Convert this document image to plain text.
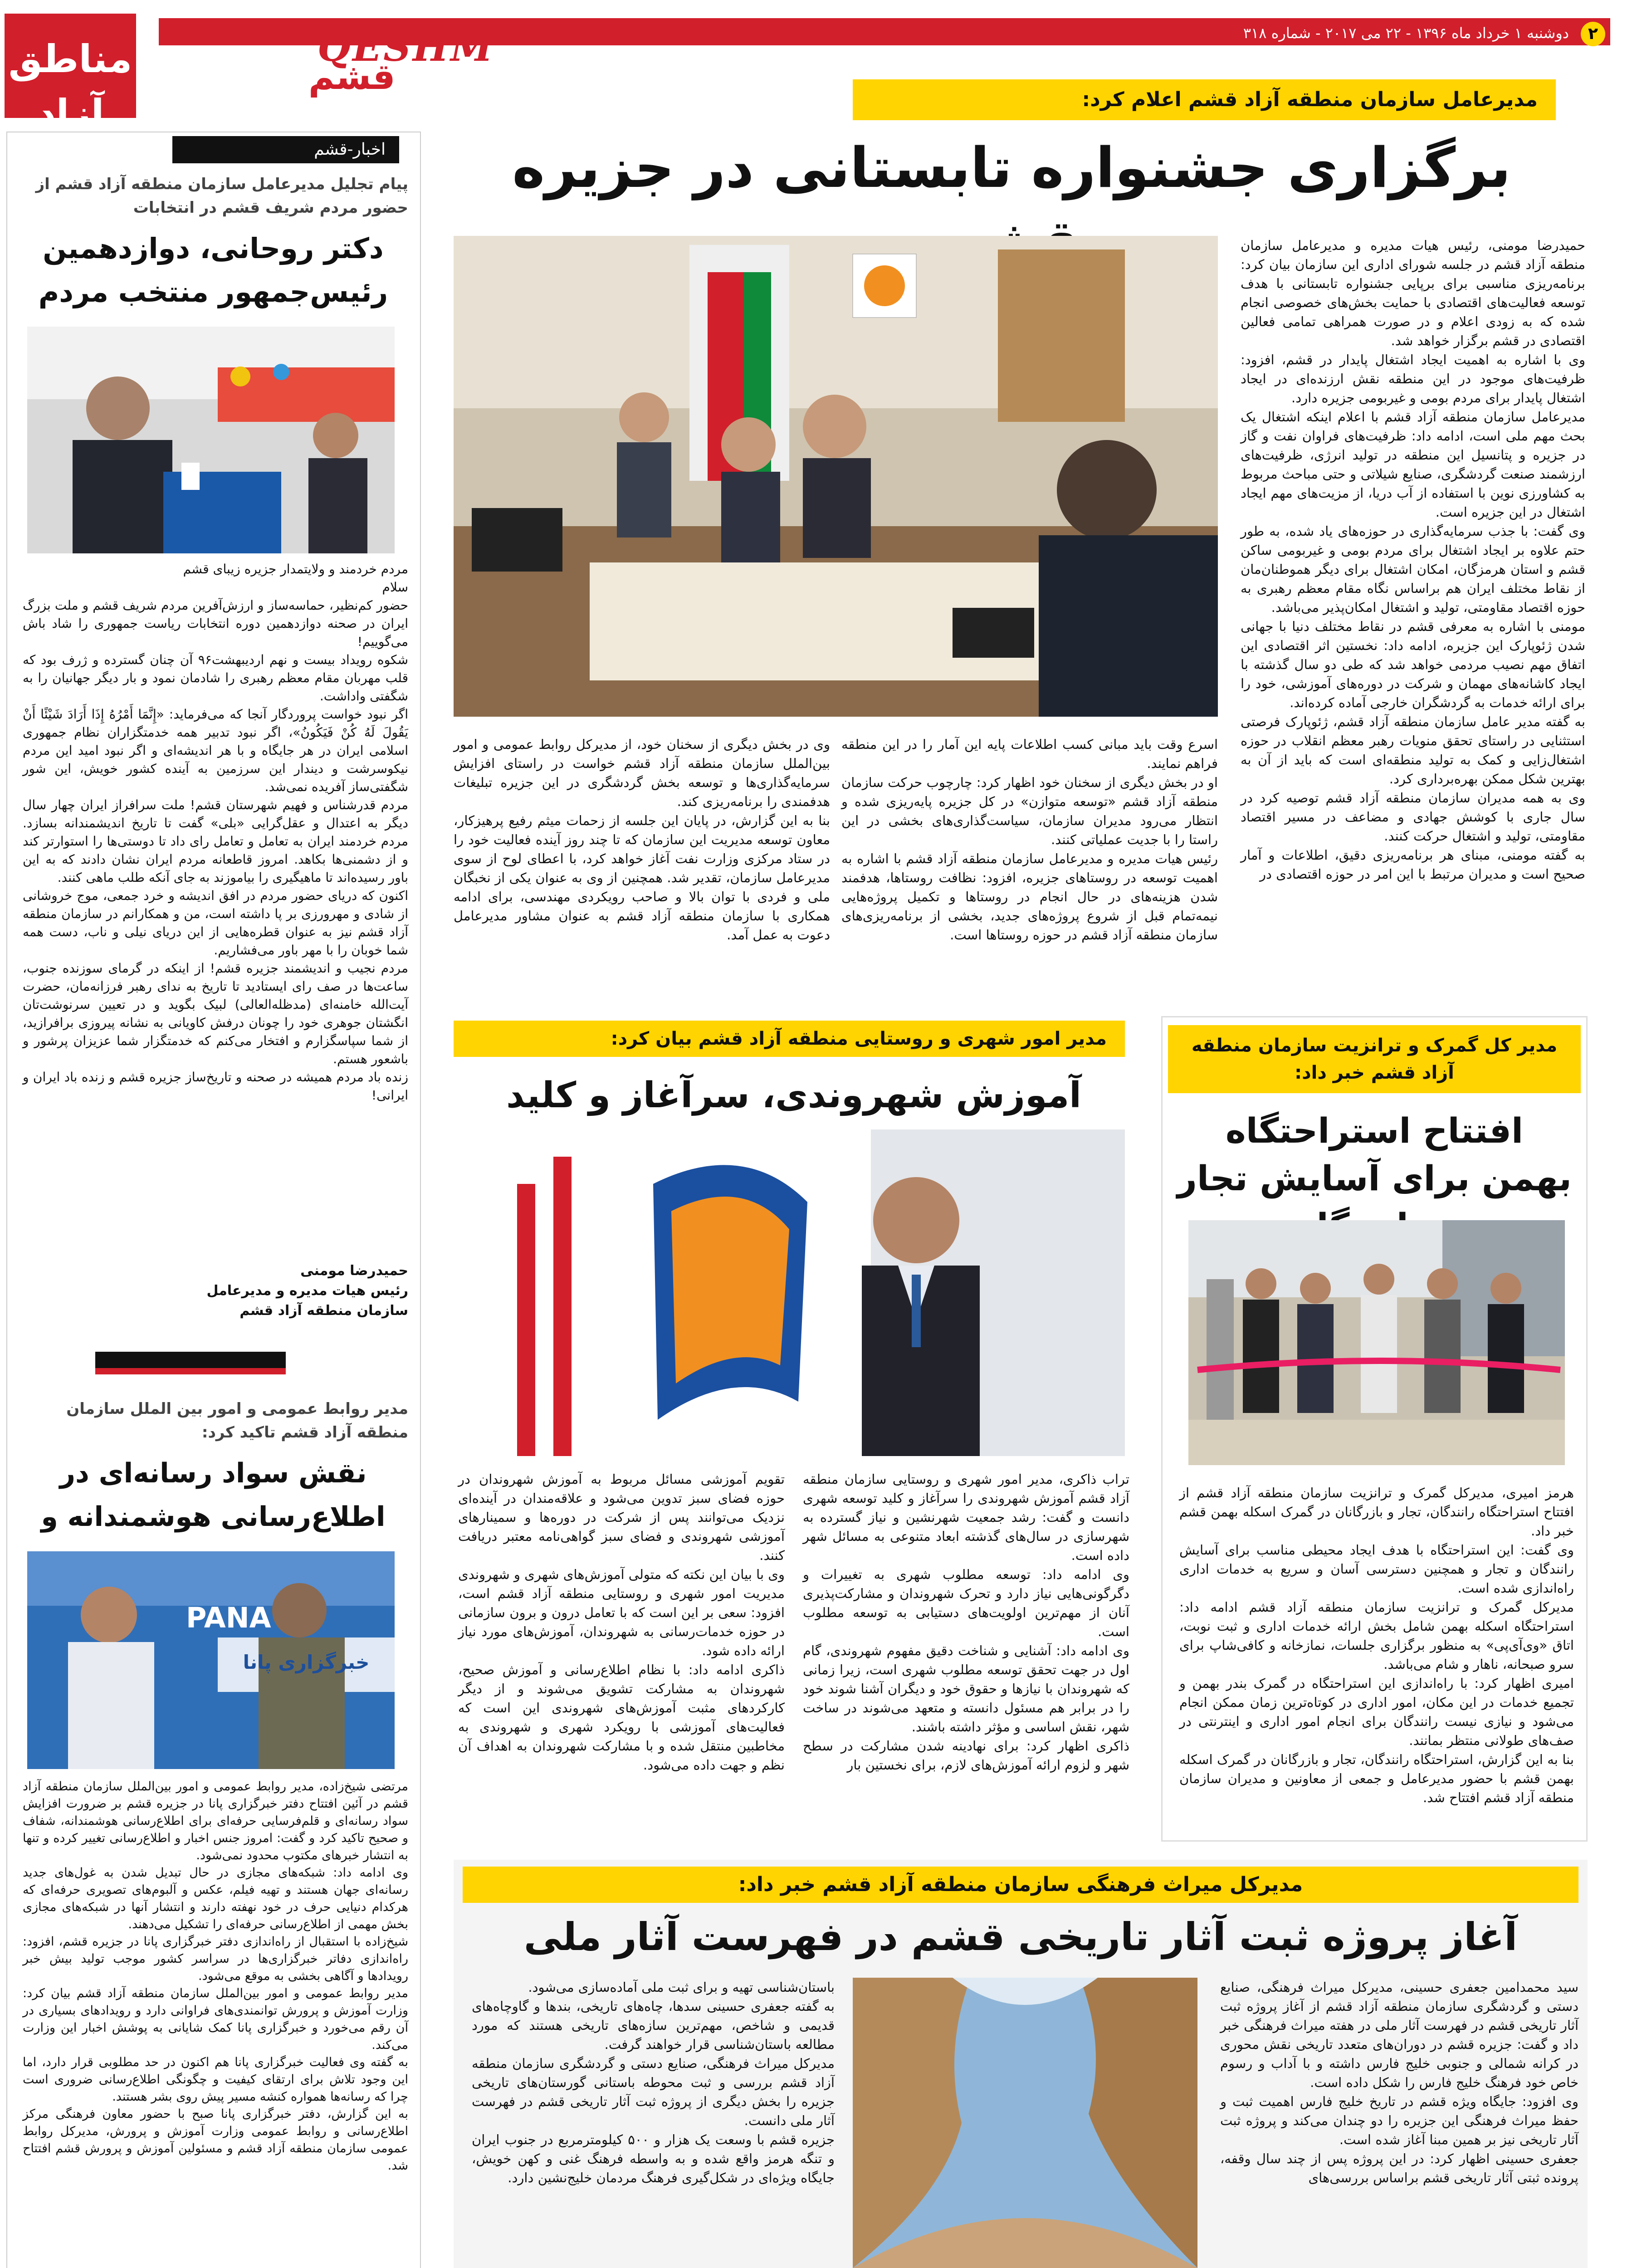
مناطق آزاد
۲
دوشنبه ۱ خرداد ماه ۱۳۹۶ - ۲۲ می ۲۰۱۷ - شماره ۳۱۸
QESHM
قشم
مدیرعامل سازمان منطقه آزاد قشم اعلام کرد:
برگزاری جشنواره تابستانی در جزیره
حمیدرضا مومنی، رئیس هیات مدیره و مدیرعامل سازمان منطقه آزاد قشم در جلسه شورای اداری این سازمان بیان کرد: برنامه‌ریزی مناسبی برای برپایی جشنواره تابستانی با هدف توسعه فعالیت‌های اقتصادی با حمایت بخش‌های خصوصی انجام شده که به زودی اعلام و در صورت همراهی تمامی فعالین اقتصادی در قشم برگزار خواهد شد.
وی با اشاره به اهمیت ایجاد اشتغال پایدار در قشم، افزود: ظرفیت‌های موجود در این منطقه نقش ارزنده‌ای در ایجاد اشتغال پایدار برای مردم بومی و غیربومی جزیره دارد.
مدیرعامل سازمان منطقه آزاد قشم با اعلام اینکه اشتغال یک بحث مهم ملی است، ادامه داد: ظرفیت‌های فراوان نفت و گاز در جزیره و پتانسیل این منطقه در تولید انرژی، ظرفیت‌های ارزشمند صنعت گردشگری، صنایع شیلاتی و حتی مباحث مربوط به کشاورزی نوین با استفاده از آب دریا، از مزیت‌های مهم ایجاد اشتغال در این جزیره است.
وی گفت: با جذب سرمایه‌گذاری در حوزه‌های یاد شده، به طور حتم علاوه بر ایجاد اشتغال برای مردم بومی و غیربومی ساکن قشم و استان هرمزگان، امکان اشتغال برای دیگر هموطنان‌مان از نقاط مختلف ایران هم براساس نگاه مقام معظم رهبری به حوزه اقتصاد مقاومتی، تولید و اشتغال امکان‌پذیر می‌باشد.
مومنی با اشاره به معرفی قشم در نقاط مختلف دنیا با جهانی شدن ژئوپارک این جزیره، ادامه داد: نخستین اثر اقتصادی این اتفاق مهم نصیب مردمی خواهد شد که طی دو سال گذشته با ایجاد کاشانه‌های مهمان و شرکت در دوره‌های آموزشی، خود را برای ارائه خدمات به گردشگران خارجی آماده کرده‌اند.
به گفته مدیر عامل سازمان منطقه آزاد قشم، ژئوپارک فرصتی استثنایی در راستای تحقق منویات رهبر معظم انقلاب در حوزه اشتغال‌زایی و کمک به تولید منطقه‌ای است که باید از آن به بهترین شکل ممکن بهره‌برداری کرد.
وی به همه مدیران سازمان منطقه آزاد قشم توصیه کرد در سال جاری با کوشش جهادی و مضاعف در مسیر اقتصاد مقاومتی، تولید و اشتغال حرکت کنند.
به گفته مومنی، مبنای هر برنامه‌ریزی دقیق، اطلاعات و آمار صحیح است و مدیران مرتبط با این امر در حوزه اقتصادی در
اسرع وقت باید مبانی کسب اطلاعات پایه این آمار را در این منطقه فراهم نمایند.
او در بخش دیگری از سخنان خود اظهار کرد: چارچوب حرکت سازمان منطقه آزاد قشم «توسعه متوازن» در کل جزیره پایه‌ریزی شده و انتظار می‌رود مدیران سازمان، سیاست‌گذاری‌های بخشی در این راستا را با جدیت عملیاتی کنند.
رئیس هیات مدیره و مدیرعامل سازمان منطقه آزاد قشم با اشاره به اهمیت توسعه در روستاهای جزیره، افزود: نظافت روستاها، هدفمند شدن هزینه‌های در حال انجام در روستاها و تکمیل پروژه‌هایی نیمه‌تمام قبل از شروع پروژه‌های جدید، بخشی از برنامه‌ریزی‌های سازمان منطقه آزاد قشم در حوزه روستاها است.
وی در بخش دیگری از سخنان خود، از مدیرکل روابط عمومی و امور بین‌الملل سازمان منطقه آزاد قشم خواست در راستای افزایش سرمایه‌گذاری‌ها و توسعه بخش گردشگری در این جزیره تبلیغات هدفمندی را برنامه‌ریزی کند.
بنا به این گزارش، در پایان این جلسه از زحمات میثم رفیع پرهیزکار، معاون توسعه مدیریت این سازمان که تا چند روز آینده فعالیت خود را در ستاد مرکزی وزارت نفت آغاز خواهد کرد، با اعطای لوح از سوی مدیرعامل سازمان، تقدیر شد. همچنین از وی به عنوان یکی از نخبگان ملی و فردی با توان بالا و صاحب رویکردی مهندسی، برای ادامه همکاری با سازمان منطقه آزاد قشم به عنوان مشاور مدیرعامل دعوت به عمل آمد.
مدیر امور شهری و روستایی منطقه آزاد قشم بیان کرد:
آموزش شهروندی، سرآغاز و کلید
تراب ذاکری، مدیر امور شهری و روستایی سازمان منطقه آزاد قشم آموزش شهروندی را سرآغاز و کلید توسعه شهری دانست و گفت: رشد جمعیت شهرنشین و نیاز گسترده به شهرسازی در سال‌های گذشته ابعاد متنوعی به مسائل شهر داده است.
وی ادامه داد: توسعه مطلوب شهری به تغییرات و دگرگونی‌هایی نیاز دارد و تحرک شهروندان و مشارکت‌پذیری آنان از مهم‌ترین اولویت‌های دستیابی به توسعه مطلوب است.
وی ادامه داد: آشنایی و شناخت دقیق مفهوم شهروندی، گام اول در جهت تحقق توسعه مطلوب شهری است، زیرا زمانی که شهروندان با نیازها و حقوق خود و دیگران آشنا شوند خود را در برابر هم مسئول دانسته و متعهد می‌شوند در ساخت شهر، نقش اساسی و مؤثر داشته باشند.
ذاکری اظهار کرد: برای نهادینه شدن مشارکت در سطح شهر و لزوم ارائه آموزش‌های لازم، برای نخستین بار
تقویم آموزشی مسائل مربوط به آموزش شهروندان در حوزه فضای سبز تدوین می‌شود و علاقه‌مندان در آینده‌ای نزدیک می‌توانند پس از شرکت در دوره‌ها و سمینارهای آموزشی شهروندی و فضای سبز گواهی‌نامه معتبر دریافت کنند.
وی با بیان این نکته که متولی آموزش‌های شهری و شهروندی مدیریت امور شهری و روستایی منطقه آزاد قشم است، افزود: سعی بر این است که با تعامل درون و برون سازمانی در حوزه خدمات‌رسانی به شهروندان، آموزش‌های مورد نیاز ارائه داده شود.
ذاکری ادامه داد: با نظام اطلاع‌رسانی و آموزش صحیح، شهروندان به مشارکت تشویق می‌شوند و از دیگر کارکردهای مثبت آموزش‌های شهروندی این است که فعالیت‌های آموزشی با رویکرد شهری و شهروندی به مخاطبین منتقل شده و با مشارکت شهروندان به اهداف آن نظم و جهت داده می‌شود.
مدیر کل گمرک و ترانزیت سازمان منطقه آزاد قشم خبر داد:
افتتاح استراحتگاه بهمن برای آسایش تجار
هرمز امیری، مدیرکل گمرک و ترانزیت سازمان منطقه آزاد قشم از افتتاح استراحتگاه رانندگان، تجار و بازرگانان در گمرک اسکله بهمن قشم خبر داد.
وی گفت: این استراحتگاه با هدف ایجاد محیطی مناسب برای آسایش رانندگان و تجار و همچنین دسترسی آسان و سریع به خدمات اداری راه‌اندازی شده است.
مدیرکل گمرک و ترانزیت سازمان منطقه آزاد قشم ادامه داد: استراحتگاه اسکله بهمن شامل بخش ارائه خدمات اداری و ثبت نوبت، اتاق «وی‌آی‌پی» به منظور برگزاری جلسات، نمازخانه و کافی‌شاپ برای سرو صبحانه، ناهار و شام می‌باشد.
امیری اظهار کرد: با راه‌اندازی این استراحتگاه در گمرک بندر بهمن و تجمیع خدمات در این مکان، امور اداری در کوتاه‌ترین زمان ممکن انجام می‌شود و نیازی نیست رانندگان برای انجام امور اداری و اینترنتی در صف‌های طولانی منتظر بمانند.
بنا به این گزارش، استراحتگاه رانندگان، تجار و بازرگانان در گمرک اسکله بهمن قشم با حضور مدیرعامل و جمعی از معاونین و مدیران سازمان منطقه آزاد قشم افتتاح شد.
مدیرکل میراث فرهنگی سازمان منطقه آزاد قشم خبر داد:
آغاز پروژه ثبت آثار تاریخی قشم در فهرست آثار ملی
سید محمدامین جعفری حسینی، مدیرکل میراث فرهنگی، صنایع دستی و گردشگری سازمان منطقه آزاد قشم از آغاز پروژه ثبت آثار تاریخی قشم در فهرست آثار ملی در هفته میراث فرهنگی خبر داد و گفت: جزیره قشم در دوران‌های متعدد تاریخی نقش محوری در کرانه شمالی و جنوبی خلیج فارس داشته و با آداب و رسوم خاص خود فرهنگ خلیج فارس را شکل داده است.
وی افزود: جایگاه ویژه قشم در تاریخ خلیج فارس اهمیت ثبت و حفظ میراث فرهنگی این جزیره را دو چندان می‌کند و پروژه ثبت آثار تاریخی نیز بر همین مبنا آغاز شده است.
جعفری حسینی اظهار کرد: در این پروژه پس از چند سال وقفه، پرونده ثبتی آثار تاریخی قشم براساس بررسی‌های
باستان‌شناسی تهیه و برای ثبت ملی آماده‌سازی می‌شود.
به گفته جعفری حسینی سدها، چاه‌های تاریخی، بندها و گاوچاه‌های قدیمی و شاخص، مهم‌ترین سازه‌های تاریخی هستند که مورد مطالعه باستان‌شناسی قرار خواهند گرفت.
مدیرکل میراث فرهنگی، صنایع دستی و گردشگری سازمان منطقه آزاد قشم بررسی و ثبت محوطه باستانی گورستان‌های تاریخی جزیره را بخش دیگری از پروژه ثبت آثار تاریخی قشم در فهرست آثار ملی دانست.
جزیره قشم با وسعت یک هزار و ۵۰۰ کیلومترمربع در جنوب ایران و تنگه هرمز واقع شده و به واسطه فرهنگ غنی و کهن خویش، جایگاه ویژه‌ای در شکل‌گیری فرهنگ مردمان خلیج‌نشین دارد.
اخبار-قشم
پیام تجلیل مدیرعامل سازمان منطقه آزاد قشم از حضور مردم شریف قشم در انتخابات
دکتر روحانی، دوازدهمین رئیس‌جمهور منتخب مردم
مردم خردمند و ولایتمدار جزیره زیبای قشم
سلام
حضور کم‌نظیر، حماسه‌ساز و ارزش‌آفرین مردم شریف قشم و ملت بزرگ ایران در صحنه دوازدهمین دوره انتخابات ریاست جمهوری را شاد باش می‌گوییم!
شکوه رویداد بیست و نهم اردیبهشت۹۶ آن چنان گسترده و ژرف بود که قلب مهربان مقام معظم رهبری را شادمان نمود و بار دیگر جهانیان را به شگفتی واداشت.
اگر نبود خواست پروردگار آنجا که می‌فرماید: «إِنَّمَا أَمْرُهُ إِذَا أَرَادَ شَيْئًا أَنْ يَقُولَ لَهُ كُنْ فَيَكُونُ»، اگر نبود تدبیر همه خدمتگزاران نظام جمهوری اسلامی ایران در هر جایگاه و با هر اندیشه‌ای و اگر نبود امید این مردم نیکوسرشت و دیندار این سرزمین به آینده کشور خویش، این شور شگفتی‌ساز آفریده نمی‌شد.
مردم قدرشناس و فهیم شهرستان قشم! ملت سرافراز ایران چهار سال دیگر به اعتدال و عقل‌گرایی «بلی» گفت تا تاریخ اندیشمندانه بسازد. مردم خردمند ایران به تعامل و تعامل رای داد تا دوستی‌ها را استوارتر کند و از دشمنی‌ها بکاهد. امروز قاطعانه مردم ایران نشان دادند که به این باور رسیده‌اند تا ماهیگیری را بیاموزند به جای آنکه طلب ماهی کنند.
اکنون که دریای حضور مردم در افق اندیشه و خرد جمعی، موج خروشانی از شادی و مهرورزی بر پا داشته است، من و همکارانم در سازمان منطقه آزاد قشم نیز به عنوان قطره‌هایی از این دریای نیلی و ناب، دست همه شما خوبان را با مهر باور می‌فشاریم.
مردم نجیب و اندیشمند جزیره قشم! از اینکه در گرمای سوزنده جنوب، ساعت‌ها در صف رای ایستادید تا تاریخ به ندای رهبر فرزانه‌مان، حضرت آیت‌الله خامنه‌ای (مدظله‌العالی) لبیک بگوید و در تعیین سرنوشت‌تان انگشتان جوهری خود را چونان درفش کاویانی به نشانه پیروزی برافرازید، از شما سپاسگزارم و افتخار می‌کنم که خدمتگزار شما عزیزان پرشور و باشعور هستم.
زنده باد مردم همیشه در صحنه و تاریخ‌ساز جزیره قشم و زنده باد ایران و ایرانی!
حمیدرضا مومنی
رئیس هیات مدیره و مدیرعامل
سازمان منطقه آزاد قشم
مدیر روابط عمومی و امور بین الملل سازمان منطقه آزاد قشم تاکید کرد:
نقش سواد رسانه‌ای در اطلاع‌رسانی هوشمندانه و
PANA
خبرگزاری پانا
مرتضی شیخ‌زاده، مدیر روابط عمومی و امور بین‌الملل سازمان منطقه آزاد قشم در آئین افتتاح دفتر خبرگزاری پانا در جزیره قشم بر ضرورت افزایش سواد رسانه‌ای و قلم‌فرسایی حرفه‌ای برای اطلاع‌رسانی هوشمندانه، شفاف و صحیح تاکید کرد و گفت: امروز جنس اخبار و اطلاع‌رسانی تغییر کرده و تنها به انتشار خبرهای مکتوب محدود نمی‌شود.
وی ادامه داد: شبکه‌های مجازی در حال تبدیل شدن به غول‌های جدید رسانه‌ای جهان هستند و تهیه فیلم، عکس و آلبوم‌های تصویری حرفه‌ای که هرکدام دنیایی حرف در خود نهفته دارند و انتشار آنها در شبکه‌های مجازی بخش مهمی از اطلاع‌رسانی حرفه‌ای را تشکیل می‌دهند.
شیخ‌زاده با استقبال از راه‌اندازی دفتر خبرگزاری پانا در جزیره قشم، افزود: راه‌اندازی دفاتر خبرگزاری‌ها در سراسر کشور موجب تولید بیش خبر رویدادها و آگاهی بخشی به موقع می‌شود.
مدیر روابط عمومی و امور بین‌الملل سازمان منطقه آزاد قشم بیان کرد: وزارت آموزش و پرورش توانمندی‌های فراوانی دارد و رویدادهای بسیاری در آن رقم می‌خورد و خبرگزاری پانا کمک شایانی به پوشش اخبار این وزارت می‌کند.
به گفته وی فعالیت خبرگزاری پانا هم اکنون در حد مطلوبی قرار دارد، اما این وجود تلاش برای ارتقای کیفیت و چگونگی اطلاع‌رسانی ضروری است چرا که رسانه‌ها همواره کنشه مسیر پیش روی بشر هستند.
به این گزارش، دفتر خبرگزاری پانا صبح با حضور معاون فرهنگی مرکز اطلاع‌رسانی و روابط عمومی وزارت آموزش و پرورش، مدیرکل روابط عمومی سازمان منطقه آزاد قشم و مسئولین آموزش و پرورش قشم افتتاح شد.
